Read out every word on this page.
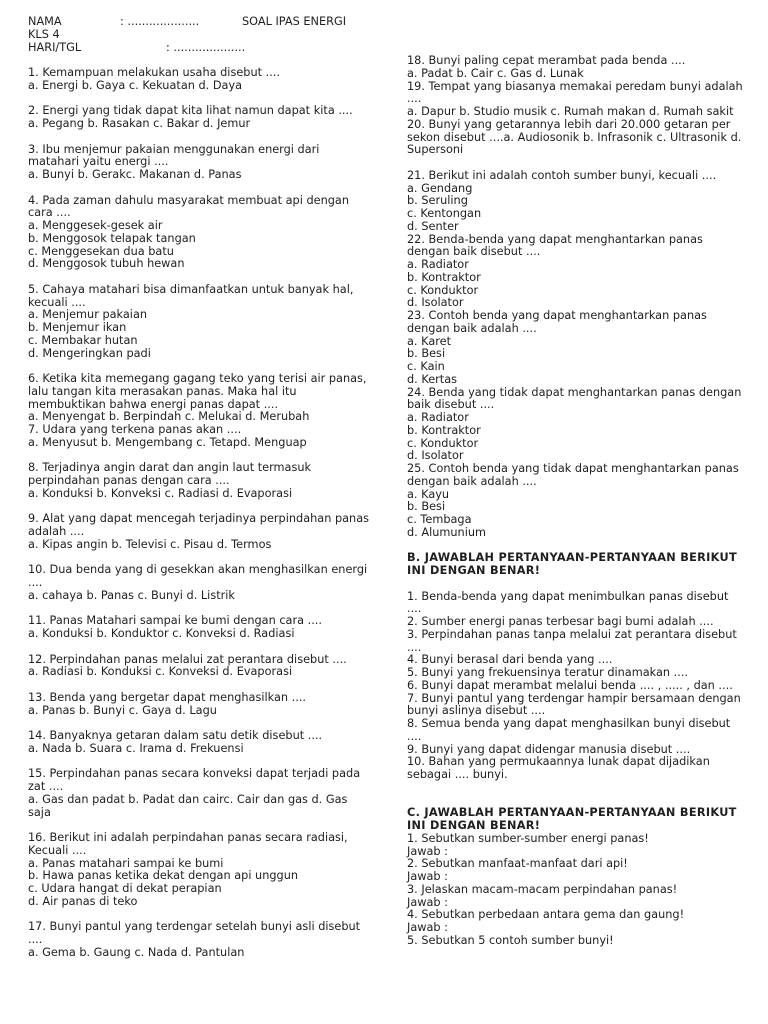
NAMA	: ....................	SOAL IPAS ENERGI
KLS 4
HARI/TGL	: ....................
1. Kemampuan melakukan usaha disebut ....
a. Energi b. Gaya c. Kekuatan d. Daya
2. Energi yang tidak dapat kita lihat namun dapat kita ....
a. Pegang b. Rasakan c. Bakar d. Jemur
3. Ibu menjemur pakaian menggunakan energi dari matahari yaitu energi ....
a. Bunyi b. Gerakc. Makanan d. Panas
4. Pada zaman dahulu masyarakat membuat api dengan cara ....
a. Menggesek-gesek air
b. Menggosok telapak tangan
c. Menggesekan dua batu
d. Menggosok tubuh hewan
5. Cahaya matahari bisa dimanfaatkan untuk banyak hal, kecuali ....
a. Menjemur pakaian
b. Menjemur ikan
c. Membakar hutan
d. Mengeringkan padi
6. Ketika kita memegang gagang teko yang terisi air panas, lalu tangan kita merasakan panas. Maka hal itu membuktikan bahwa energi panas dapat ....
a. Menyengat b. Berpindah c. Melukai d. Merubah
7. Udara yang terkena panas akan ....
a. Menyusut b. Mengembang c. Tetapd. Menguap
8. Terjadinya angin darat dan angin laut termasuk perpindahan panas dengan cara ....
a. Konduksi b. Konveksi c. Radiasi d. Evaporasi
9. Alat yang dapat mencegah terjadinya perpindahan panas adalah ....
a. Kipas angin b. Televisi c. Pisau d. Termos
10. Dua benda yang di gesekkan akan menghasilkan energi ....
a. cahaya b. Panas c. Bunyi d. Listrik
11. Panas Matahari sampai ke bumi dengan cara ....
a. Konduksi b. Konduktor c. Konveksi d. Radiasi
12. Perpindahan panas melalui zat perantara disebut ....
a. Radiasi b. Konduksi c. Konveksi d. Evaporasi
13. Benda yang bergetar dapat menghasilkan ....
a. Panas b. Bunyi c. Gaya d. Lagu
14. Banyaknya getaran dalam satu detik disebut ....
a. Nada b. Suara c. Irama d. Frekuensi
15. Perpindahan panas secara konveksi dapat terjadi pada zat ....
a. Gas dan padat b. Padat dan cairc. Cair dan gas d. Gas saja
16. Berikut ini adalah perpindahan panas secara radiasi, Kecuali ....
a. Panas matahari sampai ke bumi
b. Hawa panas ketika dekat dengan api unggun
c. Udara hangat di dekat perapian
d. Air panas di teko
17. Bunyi pantul yang terdengar setelah bunyi asli disebut ....
a. Gema b. Gaung c. Nada d. Pantulan
18. Bunyi paling cepat merambat pada benda ....
a. Padat b. Cair c. Gas d. Lunak
19. Tempat yang biasanya memakai peredam bunyi adalah ....
a. Dapur b. Studio musik c. Rumah makan d. Rumah sakit
20. Bunyi yang getarannya lebih dari 20.000 getaran per sekon disebut ....a. Audiosonik b. Infrasonik c. Ultrasonik d. Supersoni
21. Berikut ini adalah contoh sumber bunyi, kecuali ....
a. Gendang
b. Seruling
c. Kentongan
d. Senter
22. Benda-benda yang dapat menghantarkan panas dengan baik disebut ....
a. Radiator
b. Kontraktor
c. Konduktor
d. Isolator
23. Contoh benda yang dapat menghantarkan panas dengan baik adalah ....
a. Karet
b. Besi
c. Kain
d. Kertas
24. Benda yang tidak dapat menghantarkan panas dengan baik disebut ....
a. Radiator
b. Kontraktor
c. Konduktor
d. Isolator
25. Contoh benda yang tidak dapat menghantarkan panas dengan baik adalah ....
a. Kayu
b. Besi
c. Tembaga
d. Alumunium
B. JAWABLAH PERTANYAAN-PERTANYAAN BERIKUT INI DENGAN BENAR!
1. Benda-benda yang dapat menimbulkan panas disebut ....
2. Sumber energi panas terbesar bagi bumi adalah ....
3. Perpindahan panas tanpa melalui zat perantara disebut ....
4. Bunyi berasal dari benda yang ....
5. Bunyi yang frekuensinya teratur dinamakan ....
6. Bunyi dapat merambat melalui benda .... , ..... , dan ....
7. Bunyi pantul yang terdengar hampir bersamaan dengan bunyi aslinya disebut ....
8. Semua benda yang dapat menghasilkan bunyi disebut ....
9. Bunyi yang dapat didengar manusia disebut ....
10. Bahan yang permukaannya lunak dapat dijadikan sebagai .... bunyi.
C. JAWABLAH PERTANYAAN-PERTANYAAN BERIKUT INI DENGAN BENAR!
1. Sebutkan sumber-sumber energi panas!
Jawab :
2. Sebutkan manfaat-manfaat dari api!
Jawab :
3. Jelaskan macam-macam perpindahan panas!
Jawab :
4. Sebutkan perbedaan antara gema dan gaung!
Jawab :
5. Sebutkan 5 contoh sumber bunyi!
